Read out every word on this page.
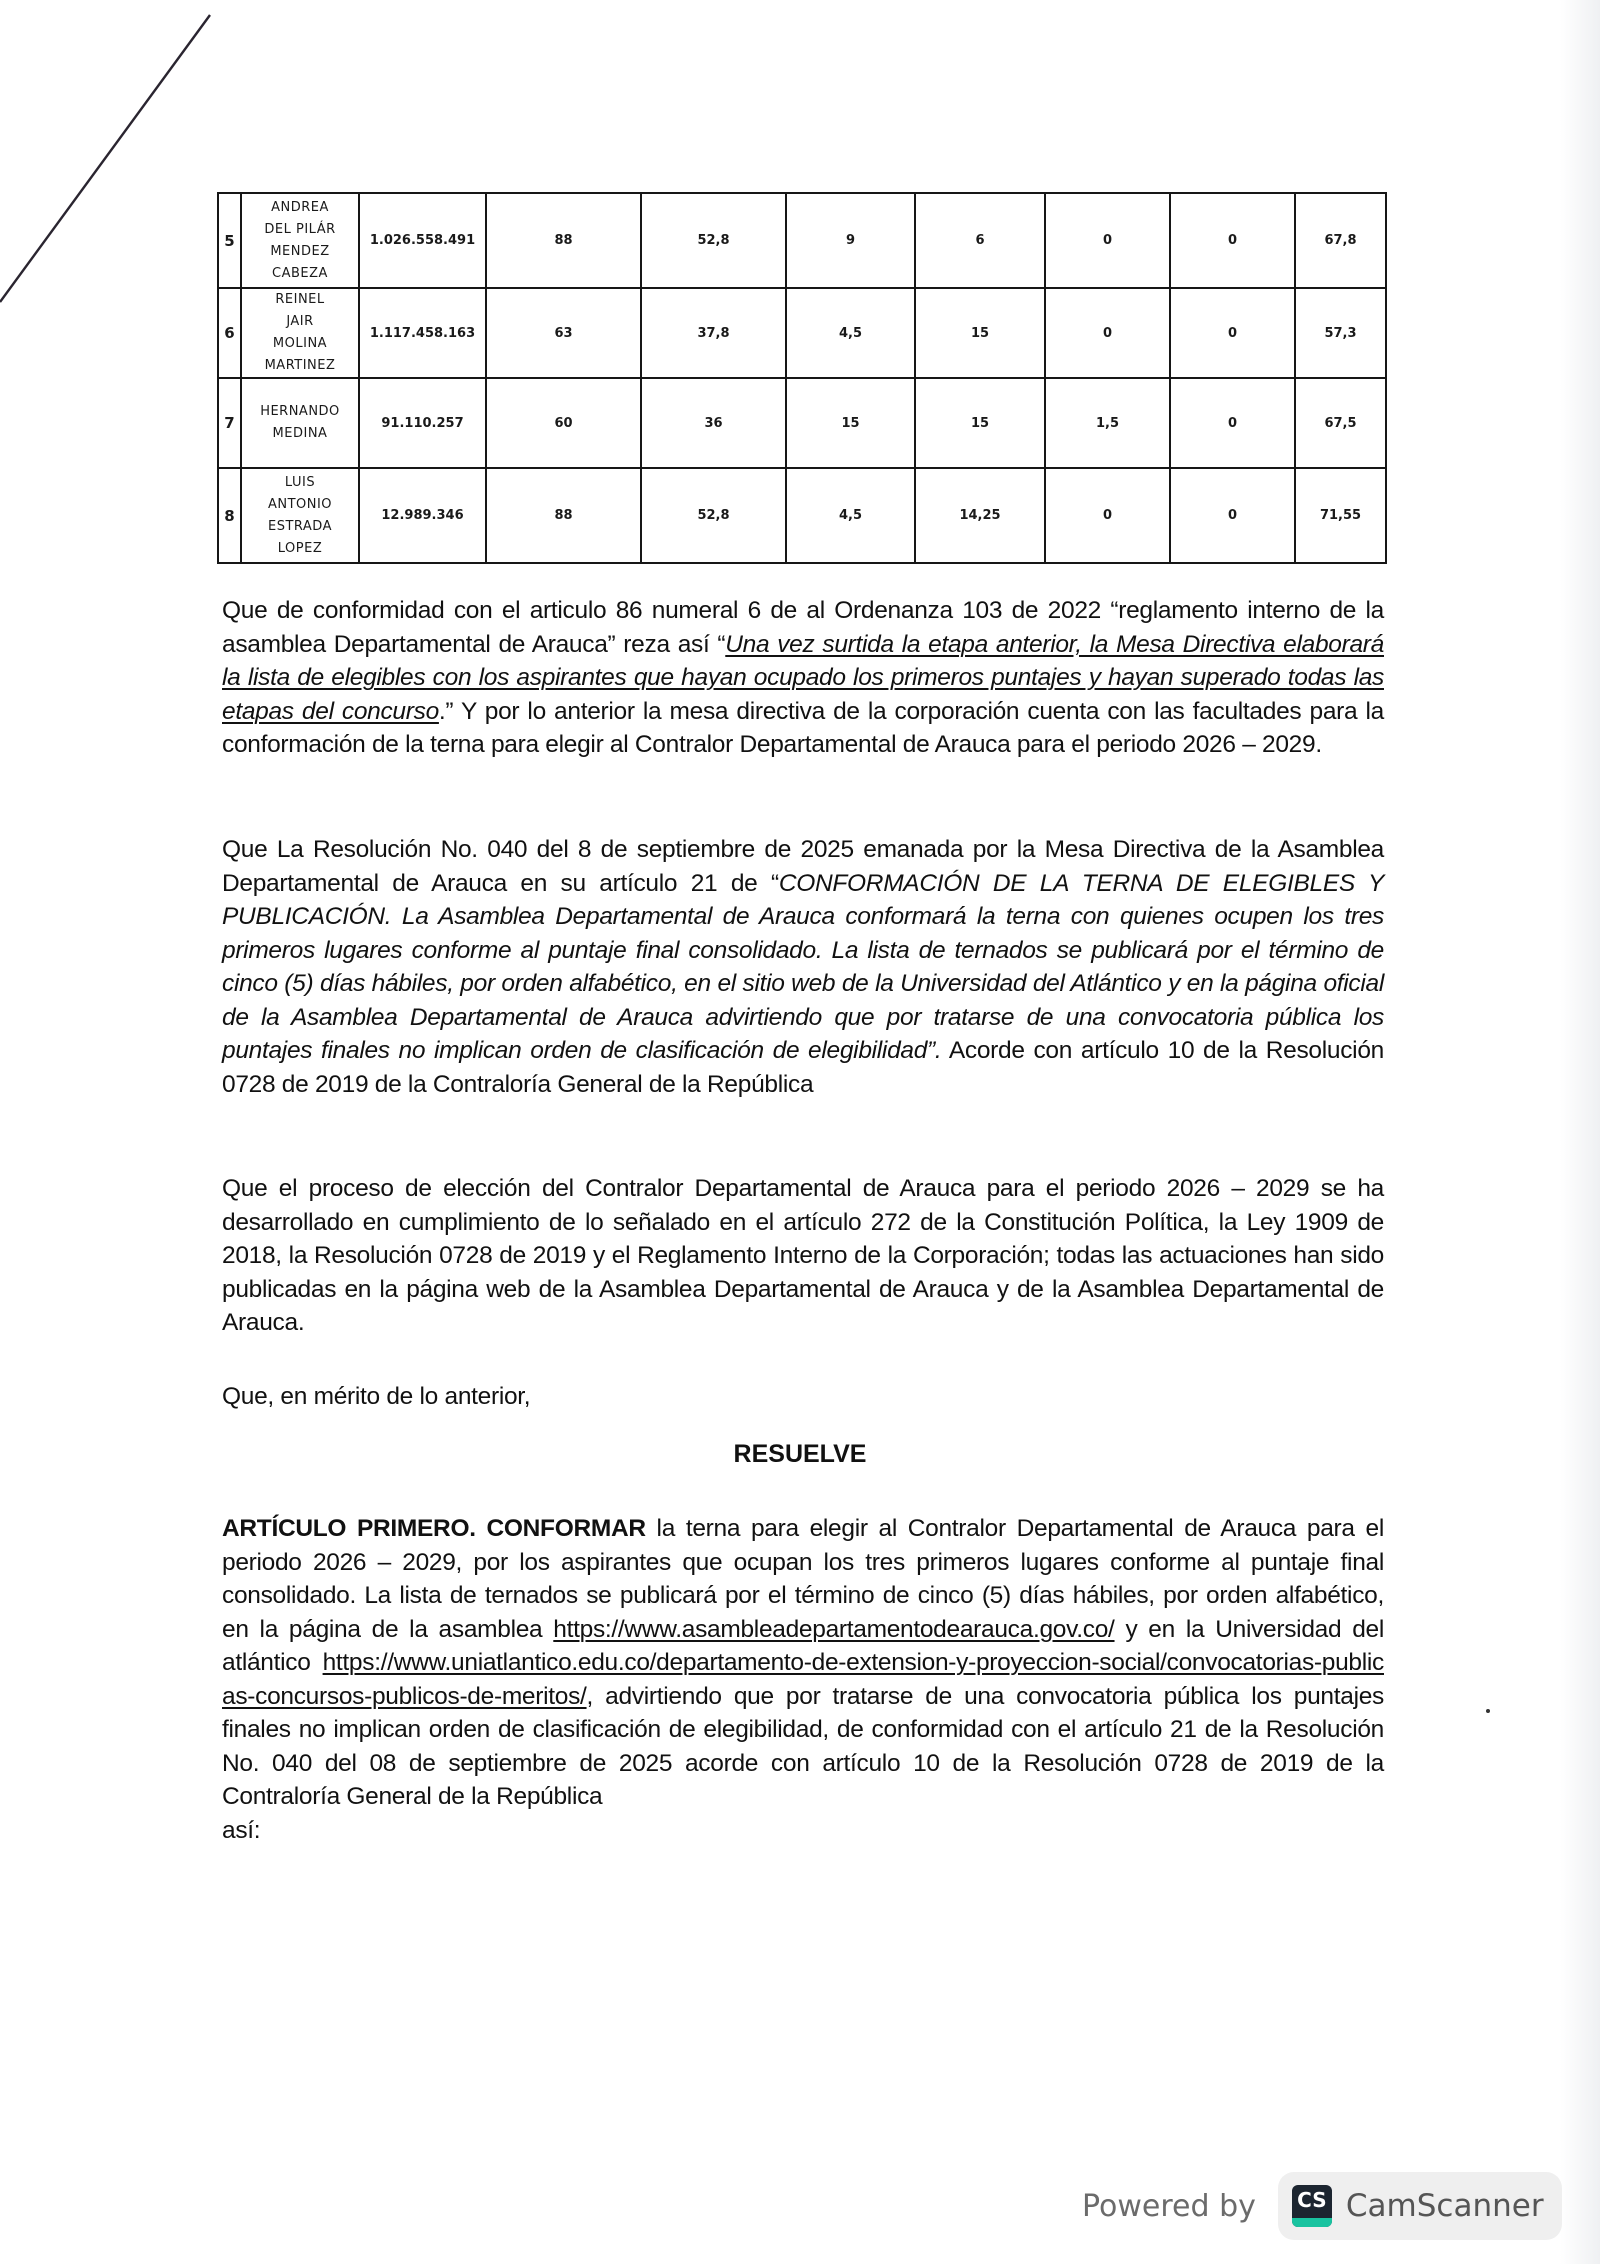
5	ANDREA
DEL PILÁR
MENDEZ
CABEZA	1.026.558.491	88	52,8	9	6	0	0	67,8
6	REINEL
JAIR
MOLINA
MARTINEZ	1.117.458.163	63	37,8	4,5	15	0	0	57,3
7	HERNANDO
MEDINA	91.110.257	60	36	15	15	1,5	0	67,5
8	LUIS
ANTONIO
ESTRADA
LOPEZ	12.989.346	88	52,8	4,5	14,25	0	0	71,55
Que de conformidad con el articulo 86 numeral 6 de al Ordenanza 103 de 2022 “reglamento interno de la asamblea Departamental de Arauca” reza así “Una vez surtida la etapa anterior, la Mesa Directiva elaborará la lista de elegibles con los aspirantes que hayan ocupado los primeros puntajes y hayan superado todas las etapas del concurso.” Y por lo anterior la mesa directiva de la corporación cuenta con las facultades para la conformación de la terna para elegir al Contralor Departamental de Arauca para el periodo 2026 – 2029.
Que La Resolución No. 040 del 8 de septiembre de 2025 emanada por la Mesa Directiva de la Asamblea Departamental de Arauca en su artículo 21 de “CONFORMACIÓN DE LA TERNA DE ELEGIBLES Y PUBLICACIÓN. La Asamblea Departamental de Arauca conformará la terna con quienes ocupen los tres primeros lugares conforme al puntaje final consolidado. La lista de ternados se publicará por el término de cinco (5) días hábiles, por orden alfabético, en el sitio web de la Universidad del Atlántico y en la página oficial de la Asamblea Departamental de Arauca advirtiendo que por tratarse de una convocatoria pública los puntajes finales no implican orden de clasificación de elegibilidad”. Acorde con artículo 10 de la Resolución 0728 de 2019 de la Contraloría General de la República
Que el proceso de elección del Contralor Departamental de Arauca para el periodo 2026 – 2029 se ha desarrollado en cumplimiento de lo señalado en el artículo 272 de la Constitución Política, la Ley 1909 de 2018, la Resolución 0728 de 2019 y el Reglamento Interno de la Corporación; todas las actuaciones han sido publicadas en la página web de la Asamblea Departamental de Arauca y de la Asamblea Departamental de Arauca.
Que, en mérito de lo anterior,
RESUELVE
ARTÍCULO PRIMERO. CONFORMAR la terna para elegir al Contralor Departamental de Arauca para el periodo 2026 – 2029, por los aspirantes que ocupan los tres primeros lugares conforme al puntaje final consolidado. La lista de ternados se publicará por el término de cinco (5) días hábiles, por orden alfabético, en la página de la asamblea https://www.asambleadepartamentodearauca.gov.co/ y en la Universidad del atlántico https://www.uniatlantico.edu.co/departamento-de-extension-y-proyeccion-social/convocatorias-publicas-concursos-publicos-de-meritos/, advirtiendo que por tratarse de una convocatoria pública los puntajes finales no implican orden de clasificación de elegibilidad, de conformidad con el artículo 21 de la Resolución No. 040 del 08 de septiembre de 2025 acorde con artículo 10 de la Resolución 0728 de 2019 de la Contraloría General de la República
así:
Powered by CS CamScanner
